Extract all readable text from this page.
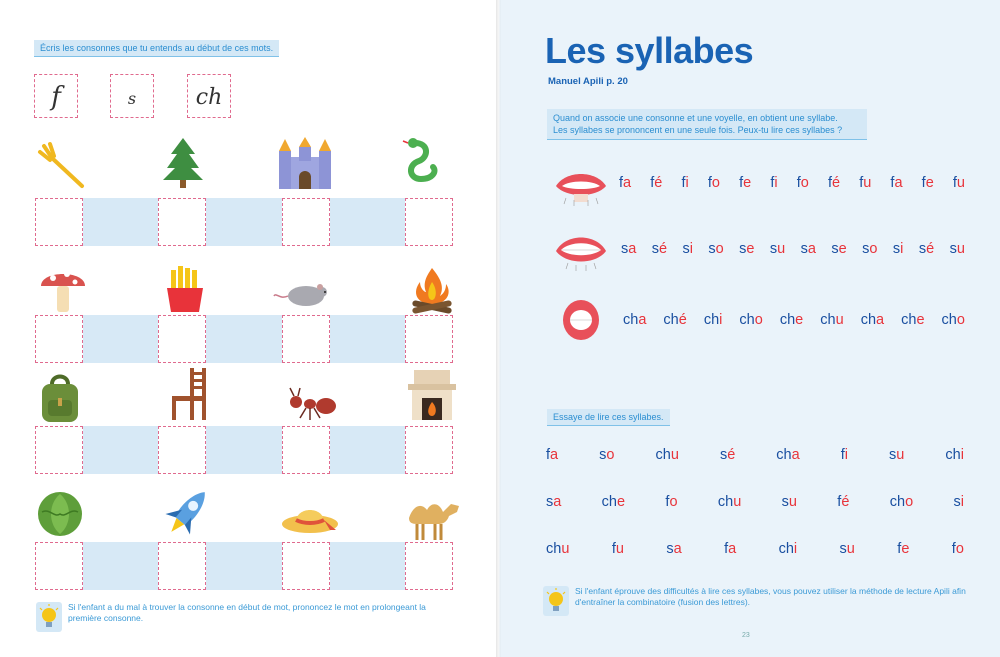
Écris les consonnes que tu entends au début de ces mots.
f	s	ch
Si l'enfant a du mal à trouver la consonne en début de mot, prononcez le mot en prolongeant la première consonne.
Les syllabes
Manuel Apili p. 20
Quand on associe une consonne et une voyelle, en obtient une syllabe.
Les syllabes se prononcent en une seule fois. Peux-tu lire ces syllabes ?
fa fé fi fo fe fi fo fé fu fa fe fu
sa sé si so se su sa se so si sé su
cha ché chi cho che chu cha che cho
Essaye de lire ces syllabes.
fa	so	chu	sé	cha	fi	su	chi
sa	che	fo	chu	su	fé	cho	si
chu	fu	sa	fa	chi	su	fe	fo
Si l'enfant éprouve des difficultés à lire ces syllabes, vous pouvez utiliser la méthode de lecture Apili afin d'entraîner la combinatoire (fusion des lettres).
23
